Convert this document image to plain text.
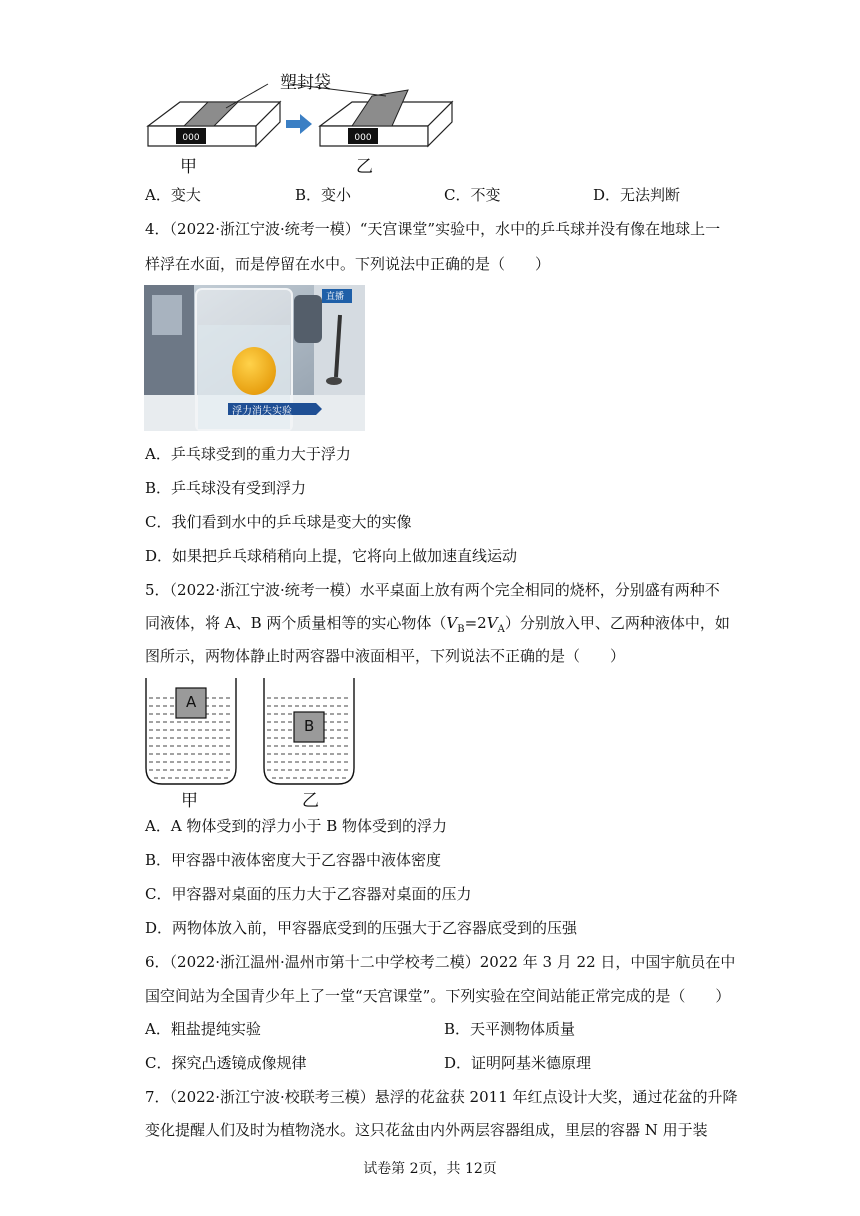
000	000
塑封袋
甲	乙
A．变大	B．变小	C．不变	D．无法判断
4．（2022·浙江宁波·统考一模）“天宫课堂”实验中，水中的乒乓球并没有像在地球上一
样浮在水面，而是停留在水中。下列说法中正确的是（　　）
直播
浮力消失实验
A．乒乓球受到的重力大于浮力
B．乒乓球没有受到浮力
C．我们看到水中的乒乓球是变大的实像
D．如果把乒乓球稍稍向上提，它将向上做加速直线运动
5．（2022·浙江宁波·统考一模）水平桌面上放有两个完全相同的烧杯，分别盛有两种不
同液体，将 A、B 两个质量相等的实心物体$(V_B=2V_A)$分别放入甲、乙两种液体中，如
图所示，两物体静止时两容器中液面相平，下列说法不正确的是（　　）
A
B
甲	乙
A．A 物体受到的浮力小于 B 物体受到的浮力
B．甲容器中液体密度大于乙容器中液体密度
C．甲容器对桌面的压力大于乙容器对桌面的压力
D．两物体放入前，甲容器底受到的压强大于乙容器底受到的压强
6．（2022·浙江温州·温州市第十二中学校考二模）2022 年 3 月 22 日，中国宇航员在中
国空间站为全国青少年上了一堂“天宫课堂”。下列实验在空间站能正常完成的是（　　）
A．粗盐提纯实验	B．天平测物体质量
C．探究凸透镜成像规律	D．证明阿基米德原理
7．（2022·浙江宁波·校联考三模）悬浮的花盆获 2011 年红点设计大奖，通过花盆的升降
变化提醒人们及时为植物浇水。这只花盆由内外两层容器组成，里层的容器 N 用于装
试卷第 2页，共 12页
